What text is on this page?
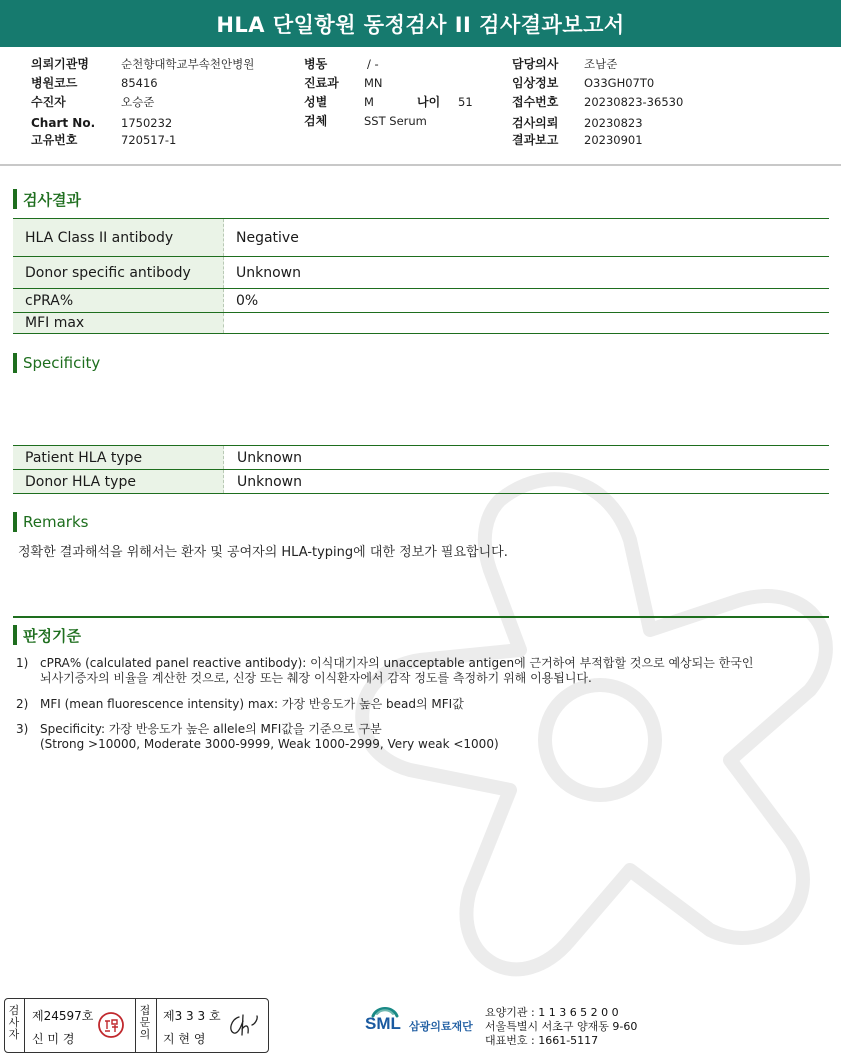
HLA 단일항원 동정검사 II 검사결과보고서
의뢰기관명	순천향대학교부속천안병원
병원코드	85416
수진자	오승준
Chart No. 1750232
고유번호	720517-1
병동	/ -
진료과 MN
성별	M	나이 51
검체	SST Serum
담당의사 조남준
임상정보 O33GH07T0
접수번호 20230823-36530
검사의뢰 20230823
결과보고 20230901
검사결과
HLA Class II antibody	Negative
Donor specific antibody	Unknown
cPRA%	0%
MFI max
Specificity
Patient HLA type	Unknown
Donor HLA type	Unknown
Remarks
정확한 결과해석을 위해서는 환자 및 공여자의 HLA-typing에 대한 정보가 필요합니다.
판정기준
1) cPRA% (calculated panel reactive antibody): 이식대기자의 unacceptable antigen에 근거하여 부적합할 것으로 예상되는 한국인
뇌사기증자의 비율을 계산한 것으로, 신장 또는 췌장 이식환자에서 감작 정도를 측정하기 위해 이용됩니다.
2) MFI (mean fluorescence intensity) max: 가장 반응도가 높은 bead의 MFI값
3) Specificity: 가장 반응도가 높은 allele의 MFI값을 기준으로 구분
(Strong >10000, Moderate 3000-9999, Weak 1000-2999, Very weak <1000)
검사자
제24597호
신 미 경
접문의
제3 3 3 호
지 현 영
SML 삼광의료재단
요양기관 : 1 1 3 6 5 2 0 0
서울특별시 서초구 양재동 9-60
대표번호 : 1661-5117
